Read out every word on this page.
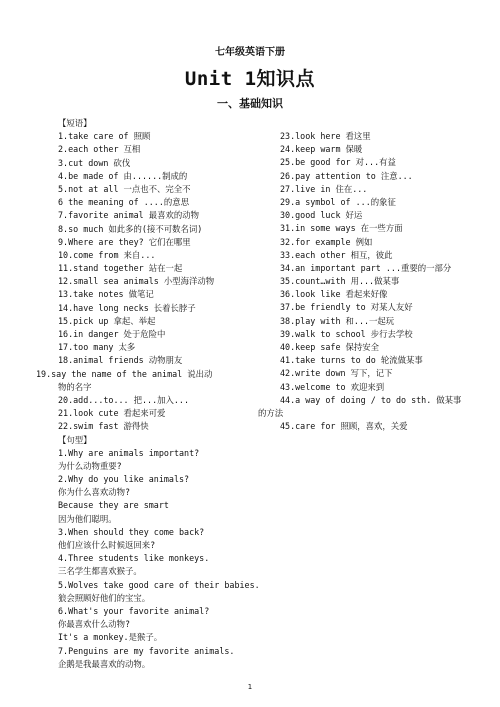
七年级英语下册
Unit 1知识点
一、基础知识
【短语】
1.take care of 照顾
2.each other 互相
3.cut down 砍伐
4.be made of 由......制成的
5.not at all 一点也不、完全不
6 the meaning of ....的意思
7.favorite animal 最喜欢的动物
8.so much 如此多的(接不可数名词)
9.Where are they? 它们在哪里
10.come from 来自...
11.stand together 站在一起
12.small sea animals 小型海洋动物
13.take notes 做笔记
14.have long necks 长着长脖子
15.pick up 拿起、举起
16.in danger 处于危险中
17.too many 太多
18.animal friends 动物朋友
19.say the name of the animal 说出动
物的名字
20.add...to... 把...加入...
21.look cute 看起来可爱
22.swim fast 游得快
【句型】
1.Why are animals important?
为什么动物重要?
2.Why do you like animals?
你为什么喜欢动物?
Because they are smart
因为他们聪明。
3.When should they come back?
他们应该什么时候返回来?
4.Three students like monkeys.
三名学生都喜欢猴子。
5.Wolves take good care of their babies.
狼会照顾好他们的宝宝。
6.What's your favorite animal?
你最喜欢什么动物?
It's a monkey.是猴子。
7.Penguins are my favorite animals.
企鹅是我最喜欢的动物。
23.look here 看这里
24.keep warm 保暖
25.be good for 对...有益
26.pay attention to 注意...
27.live in 住在...
29.a symbol of ...的象征
30.good luck 好运
31.in some ways 在一些方面
32.for example 例如
33.each other 相互，彼此
34.an important part ...重要的一部分
35.count…with 用...做某事
36.look like 看起来好像
37.be friendly to 对某人友好
38.play with 和...一起玩
39.walk to school 步行去学校
40.keep safe 保持安全
41.take turns to do 轮流做某事
42.write down 写下，记下
43.welcome to 欢迎来到
44.a way of doing / to do sth. 做某事
的方法
45.care for 照顾，喜欢，关爱
1
